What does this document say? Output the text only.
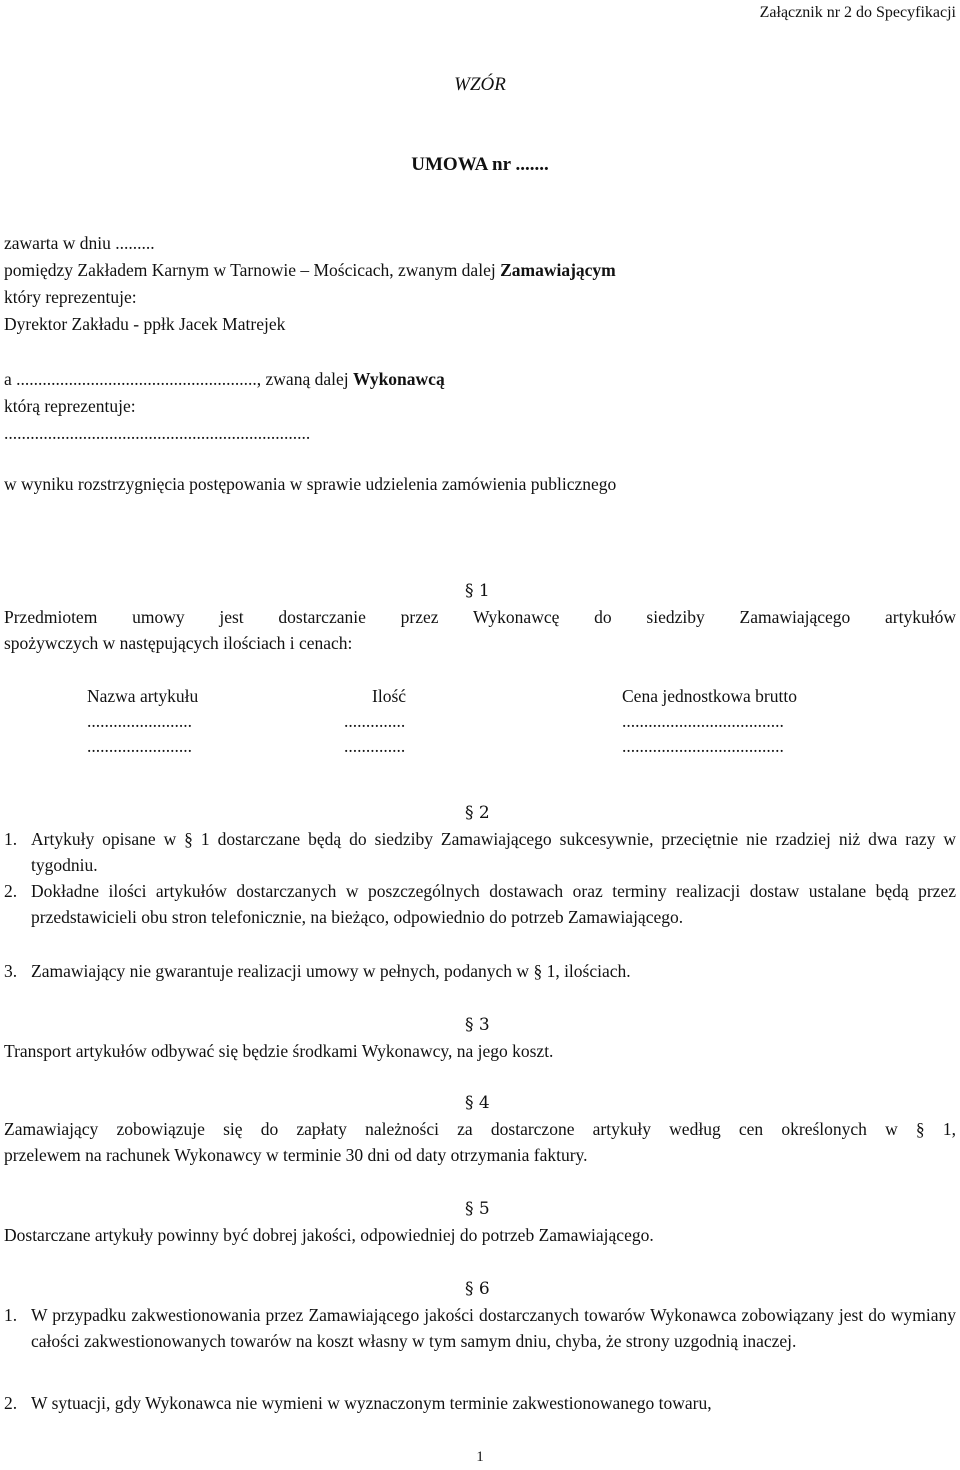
Załącznik nr 2 do Specyfikacji
WZÓR
UMOWA nr .......
zawarta w dniu .........
pomiędzy Zakładem Karnym w Tarnowie – Mościcach, zwanym dalej Zamawiającym
który reprezentuje:
Dyrektor Zakładu - ppłk Jacek Matrejek
a ......................................................., zwaną dalej Wykonawcą
którą reprezentuje:
......................................................................
w wyniku rozstrzygnięcia postępowania w sprawie udzielenia zamówienia publicznego
§ 1
Przedmiotem umowy jest dostarczanie przez Wykonawcę do siedziby Zamawiającego artykułów
spożywczych w następujących ilościach i cenach:
Nazwa artykułu	Ilość	Cena jednostkowa brutto
........................	..............	.....................................
........................	..............	.....................................
§ 2
1. Artykuły opisane w § 1 dostarczane będą do siedziby Zamawiającego sukcesywnie, przeciętnie nie rzadziej niż dwa razy w tygodniu.
2. Dokładne ilości artykułów dostarczanych w poszczególnych dostawach oraz terminy realizacji dostaw ustalane będą przez przedstawicieli obu stron telefonicznie, na bieżąco, odpowiednio do potrzeb Zamawiającego.
3. Zamawiający nie gwarantuje realizacji umowy w pełnych, podanych w § 1, ilościach.
§ 3
Transport artykułów odbywać się będzie środkami Wykonawcy, na jego koszt.
§ 4
Zamawiający zobowiązuje się do zapłaty należności za dostarczone artykuły według cen określonych w § 1,
przelewem na rachunek Wykonawcy w terminie 30 dni od daty otrzymania faktury.
§ 5
Dostarczane artykuły powinny być dobrej jakości, odpowiedniej do potrzeb Zamawiającego.
§ 6
1. W przypadku zakwestionowania przez Zamawiającego jakości dostarczanych towarów Wykonawca zobowiązany jest do wymiany całości zakwestionowanych towarów na koszt własny w tym samym dniu, chyba, że strony uzgodnią inaczej.
2. W sytuacji, gdy Wykonawca nie wymieni w wyznaczonym terminie zakwestionowanego towaru,
1
